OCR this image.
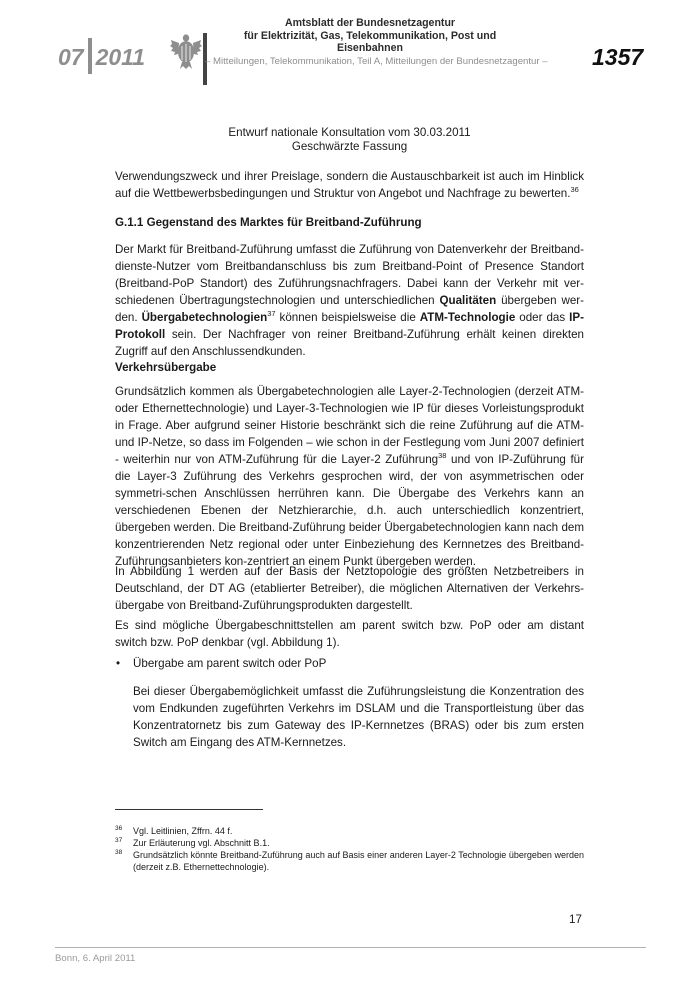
07 2011
Amtsblatt der Bundesnetzagentur
für Elektrizität, Gas, Telekommunikation, Post und Eisenbahnen
– Mitteilungen, Telekommunikation, Teil A, Mitteilungen der Bundesnetzagentur – 1357
Entwurf nationale Konsultation vom 30.03.2011
Geschwärzte Fassung

Verwendungszweck und ihrer Preislage, sondern die Austauschbarkeit ist auch im Hinblick auf die Wettbewerbsbedingungen und Struktur von Angebot und Nachfrage zu bewerten.$^{36}$

G.1.1 Gegenstand des Marktes für Breitband-Zuführung

Der Markt für Breitband-Zuführung umfasst die Zuführung von Datenverkehr der Breitband-dienste-Nutzer vom Breitbandanschluss bis zum Breitband-Point of Presence Standort (Breitband-PoP Standort) des Zuführungsnachfragers. Dabei kann der Verkehr mit ver-schiedenen Übertragungstechnologien und unterschiedlichen Qualitäten übergeben wer-den. Übergabetechnologien$^{37}$ können beispielsweise die ATM-Technologie oder das IP-Protokoll sein. Der Nachfrager von reiner Breitband-Zuführung erhält keinen direkten Zugriff auf den Anschlussendkunden.

Verkehrsübergabe

Grundsätzlich kommen als Übergabetechnologien alle Layer-2-Technologien (derzeit ATM- oder Ethernettechnologie) und Layer-3-Technologien wie IP für dieses Vorleistungsprodukt in Frage. Aber aufgrund seiner Historie beschränkt sich die reine Zuführung auf die ATM- und IP-Netze, so dass im Folgenden – wie schon in der Festlegung vom Juni 2007 definiert - weiterhin nur von ATM-Zuführung für die Layer-2 Zuführung$^{38}$ und von IP-Zuführung für die Layer-3 Zuführung des Verkehrs gesprochen wird, der von asymmetrischen oder symmetri-schen Anschlüssen herrühren kann. Die Übergabe des Verkehrs kann an verschiedenen Ebenen der Netzhierarchie, d.h. auch unterschiedlich konzentriert, übergeben werden. Die Breitband-Zuführung beider Übergabetechnologien kann nach dem konzentrierenden Netz regional oder unter Einbeziehung des Kernnetzes des Breitband-Zuführungsanbieters kon-zentriert an einem Punkt übergeben werden.

In Abbildung 1 werden auf der Basis der Netztopologie des größten Netzbetreibers in Deutschland, der DT AG (etablierter Betreiber), die möglichen Alternativen der Verkehrs-übergabe von Breitband-Zuführungsprodukten dargestellt.

Es sind mögliche Übergabeschnittstellen am parent switch bzw. PoP oder am distant switch bzw. PoP denkbar (vgl. Abbildung 1).

• Übergabe am parent switch oder PoP

Bei dieser Übergabemöglichkeit umfasst die Zuführungsleistung die Konzentration des vom Endkunden zugeführten Verkehrs im DSLAM und die Transportleistung über das Konzentratornetz bis zum Gateway des IP-Kernnetzes (BRAS) oder bis zum ersten Switch am Eingang des ATM-Kernnetzes.

36 Vgl. Leitlinien, Zffrn. 44 f.
37 Zur Erläuterung vgl. Abschnitt B.1.
38 Grundsätzlich könnte Breitband-Zuführung auch auf Basis einer anderen Layer-2 Technologie übergeben werden (derzeit z.B. Ethernettechnologie).
17
Bonn, 6. April 2011
